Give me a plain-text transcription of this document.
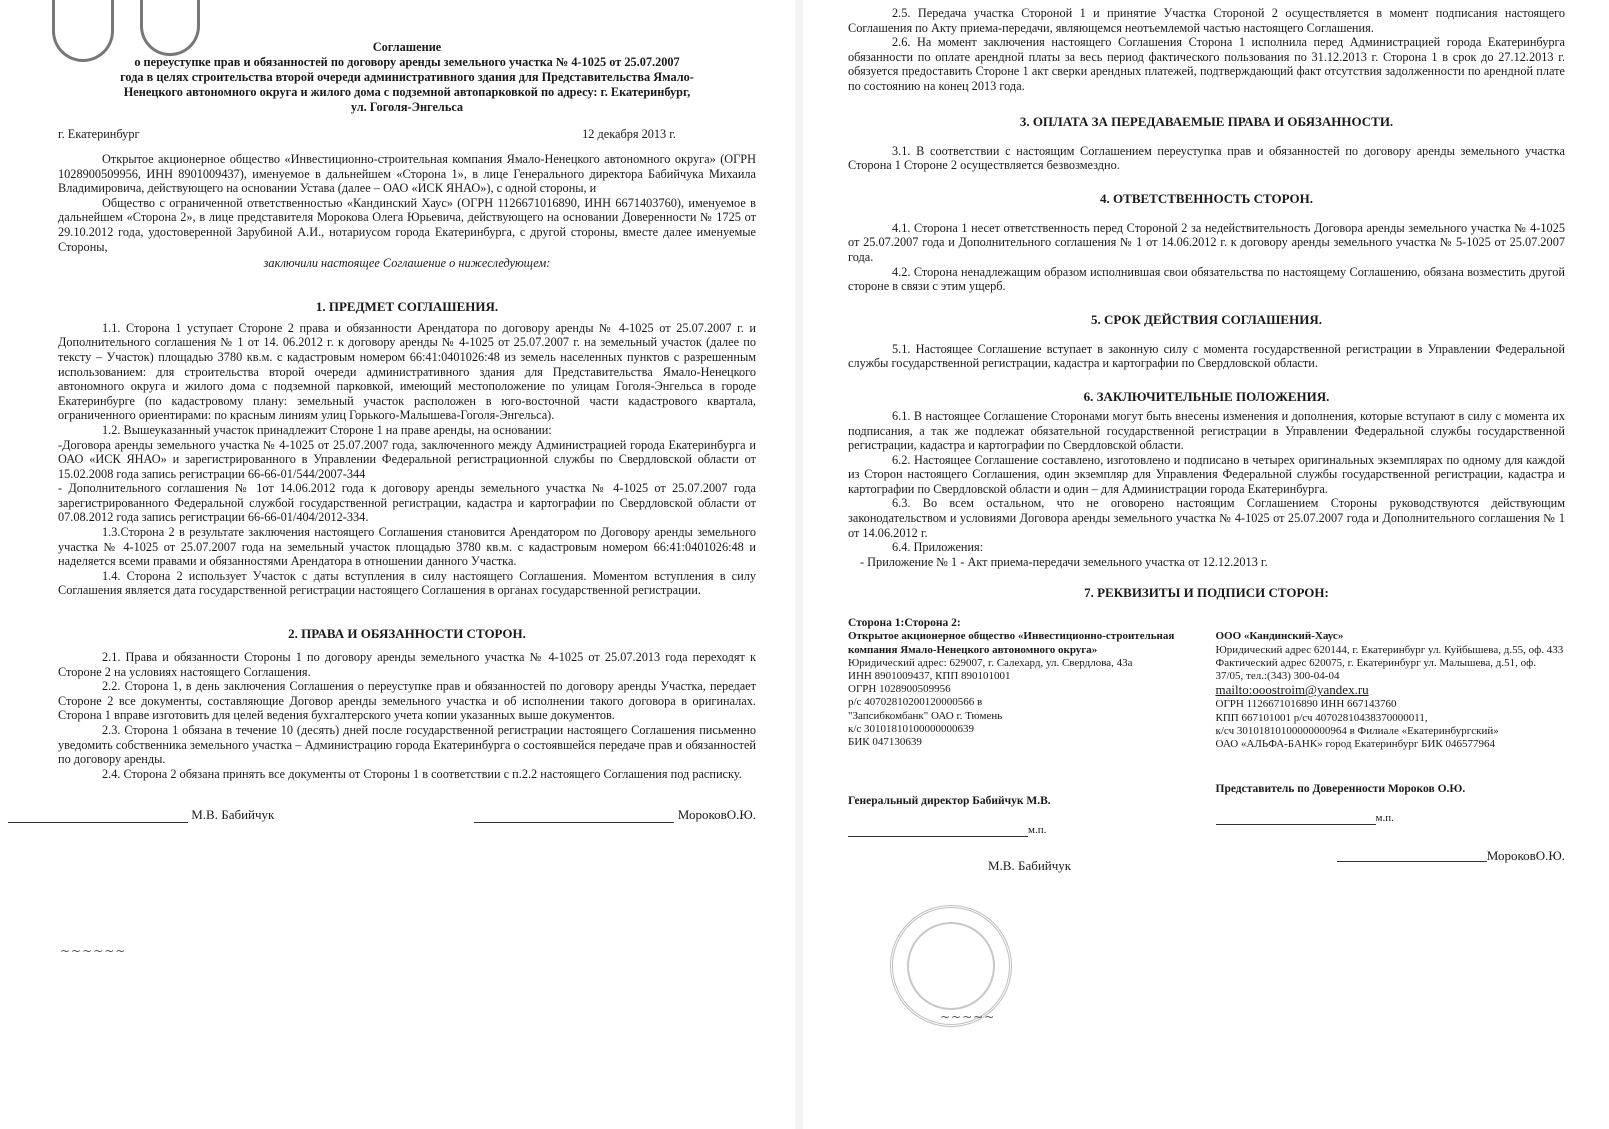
Соглашение

о переуступке прав и обязанностей по договору аренды земельного участка № 4-1025 от 25.07.2007

года в целях строительства второй очереди административного здания для Представительства Ямало-

Ненецкого автономного округа и жилого дома с подземной автопарковкой по адресу: г. Екатеринбург,

ул. Гоголя-Энгельса

г. Екатеринбург	12 декабря 2013 г.

Открытое акционерное общество «Инвестиционно-строительная компания Ямало-Ненецкого автономного округа» (ОГРН 1028900509956, ИНН 8901009437), именуемое в дальнейшем «Сторона 1», в лице Генерального директора Бабийчука Михаила Владимировича, действующего на основании Устава (далее – ОАО «ИСК ЯНАО»), с одной стороны, и

Общество с ограниченной ответственностью «Кандинский Хаус» (ОГРН 1126671016890, ИНН 6671403760), именуемое в дальнейшем «Сторона 2», в лице представителя Морокова Олега Юрьевича, действующего на основании Доверенности № 1725 от 29.10.2012 года, удостоверенной Зарубиной А.И., нотариусом города Екатеринбурга, с другой стороны, вместе далее именуемые Стороны,

заключили настоящее Соглашение о нижеследующем:

1. ПРЕДМЕТ СОГЛАШЕНИЯ.

1.1. Сторона 1 уступает Стороне 2 права и обязанности Арендатора по договору аренды № 4-1025 от 25.07.2007 г. и Дополнительного соглашения № 1 от 14. 06.2012 г. к договору аренды № 4-1025 от 25.07.2007 г. на земельный участок (далее по тексту – Участок) площадью 3780 кв.м. с кадастровым номером 66:41:0401026:48 из земель населенных пунктов с разрешенным использованием: для строительства второй очереди административного здания для Представительства Ямало-Ненецкого автономного округа и жилого дома с подземной парковкой, имеющий местоположение по улицам Гоголя-Энгельса в городе Екатеринбурге (по кадастровому плану: земельный участок расположен в юго-восточной части кадастрового квартала, ограниченного ориентирами: по красным линиям улиц Горького-Малышева-Гоголя-Энгельса).

1.2. Вышеуказанный участок принадлежит Стороне 1 на праве аренды, на основании:

-Договора аренды земельного участка № 4-1025 от 25.07.2007 года, заключенного между Администрацией города Екатеринбурга и ОАО «ИСК ЯНАО» и зарегистрированного в Управлении Федеральной регистрационной службы по Свердловской области от 15.02.2008 года запись регистрации 66-66-01/544/2007-344

- Дополнительного соглашения № 1от 14.06.2012 года к договору аренды земельного участка № 4-1025 от 25.07.2007 года зарегистрированного Федеральной службой государственной регистрации, кадастра и картографии по Свердловской области от 07.08.2012 года запись регистрации 66-66-01/404/2012-334.

1.3.Сторона 2 в результате заключения настоящего Соглашения становится Арендатором по Договору аренды земельного участка № 4-1025 от 25.07.2007 года на земельный участок площадью 3780 кв.м. с кадастровым номером 66:41:0401026:48 и наделяется всеми правами и обязанностями Арендатора в отношении данного Участка.

1.4. Сторона 2 использует Участок с даты вступления в силу настоящего Соглашения. Моментом вступления в силу Соглашения является дата государственной регистрации настоящего Соглашения в органах государственной регистрации.

2. ПРАВА И ОБЯЗАННОСТИ СТОРОН.

2.1. Права и обязанности Стороны 1 по договору аренды земельного участка № 4-1025 от 25.07.2013 года переходят к Стороне 2 на условиях настоящего Соглашения.

2.2. Сторона 1, в день заключения Соглашения о переуступке прав и обязанностей по договору аренды Участка, передает Стороне 2 все документы, составляющие Договор аренды земельного участка и об исполнении такого договора в оригиналах. Сторона 1 вправе изготовить для целей ведения бухгалтерского учета копии указанных выше документов.

2.3. Сторона 1 обязана в течение 10 (десять) дней после государственной регистрации настоящего Соглашения письменно уведомить собственника земельного участка – Администрацию города Екатеринбурга о состоявшейся передаче прав и обязанностей по договору аренды.

2.4. Сторона 2 обязана принять все документы от Стороны 1 в соответствии с п.2.2 настоящего Соглашения под расписку.

М.В. Бабийчук	МороковО.Ю.

2.5. Передача участка Стороной 1 и принятие Участка Стороной 2 осуществляется в момент подписания настоящего Соглашения по Акту приема-передачи, являющемся неотъемлемой частью настоящего Соглашения.

2.6. На момент заключения настоящего Соглашения Сторона 1 исполнила перед Администрацией города Екатеринбурга обязанности по оплате арендной платы за весь период фактического пользования по 31.12.2013 г. Сторона 1 в срок до 27.12.2013 г. обязуется предоставить Стороне 1 акт сверки арендных платежей, подтверждающий факт отсутствия задолженности по арендной плате по состоянию на конец 2013 года.

3. ОПЛАТА ЗА ПЕРЕДАВАЕМЫЕ ПРАВА И ОБЯЗАННОСТИ.

3.1. В соответствии с настоящим Соглашением переуступка прав и обязанностей по договору аренды земельного участка Сторона 1 Стороне 2 осуществляется безвозмездно.

4. ОТВЕТСТВЕННОСТЬ СТОРОН.

4.1. Сторона 1 несет ответственность перед Стороной 2 за недействительность Договора аренды земельного участка № 4-1025 от 25.07.2007 года и Дополнительного соглашения № 1 от 14.06.2012 г. к договору аренды земельного участка № 5-1025 от 25.07.2007 года.

4.2. Сторона ненадлежащим образом исполнившая свои обязательства по настоящему Соглашению, обязана возместить другой стороне в связи с этим ущерб.

5. СРОК ДЕЙСТВИЯ СОГЛАШЕНИЯ.

5.1. Настоящее Соглашение вступает в законную силу с момента государственной регистрации в Управлении Федеральной службы государственной регистрации, кадастра и картографии по Свердловской области.

6. ЗАКЛЮЧИТЕЛЬНЫЕ ПОЛОЖЕНИЯ.

6.1. В настоящее Соглашение Сторонами могут быть внесены изменения и дополнения, которые вступают в силу с момента их подписания, а так же подлежат обязательной государственной регистрации в Управлении Федеральной службы государственной регистрации, кадастра и картографии по Свердловской области.

6.2. Настоящее Соглашение составлено, изготовлено и подписано в четырех оригинальных экземплярах по одному для каждой из Сторон настоящего Соглашения, один экземпляр для Управления Федеральной службы государственной регистрации, кадастра и картографии по Свердловской области и один – для Администрации города Екатеринбурга.

6.3. Во всем остальном, что не оговорено настоящим Соглашением Стороны руководствуются действующим законодательством и условиями Договора аренды земельного участка № 4-1025 от 25.07.2007 года и Дополнительного соглашения № 1 от 14.06.2012 г.

6.4. Приложения:

- Приложение № 1 - Акт приема-передачи земельного участка от 12.12.2013 г.

7. РЕКВИЗИТЫ И ПОДПИСИ СТОРОН:

Сторона 1:Сторона 2:

Открытое акционерное общество «Инвестиционно-строительная компания Ямало-Ненецкого автономного округа»

Юридический адрес: 629007, г. Салехард, ул. Свердлова, 43а

ИНН 8901009437, КПП 890101001

ОГРН 1028900509956

р/с 40702810200120000566 в

"Запсибкомбанк" ОАО г. Тюмень

к/с 30101810100000000639

БИК 047130639

Генеральный директор Бабийчук М.В.

м.п.

М.В. Бабийчук

ООО «Кандинский-Хаус»

Юридический адрес 620144, г. Екатеринбург ул. Куйбышева, д.55, оф. 433

Фактический адрес 620075, г. Екатеринбург ул. Малышева, д.51, оф. 37/05, тел.:(343) 300-04-04

mailto:ooostroim@yandex.ru

ОГРН 1126671016890 ИНН 667143760

КПП 667101001 р/сч 40702810438370000011,

к/сч 30101810100000000964 в Филиале «Екатеринбургский»

ОАО «АЛЬФА-БАНК» город Екатеринбург БИК 046577964

Представитель по Доверенности Мороков О.Ю.

м.п.

МороковО.Ю.

~~~~~~
~~~~~
